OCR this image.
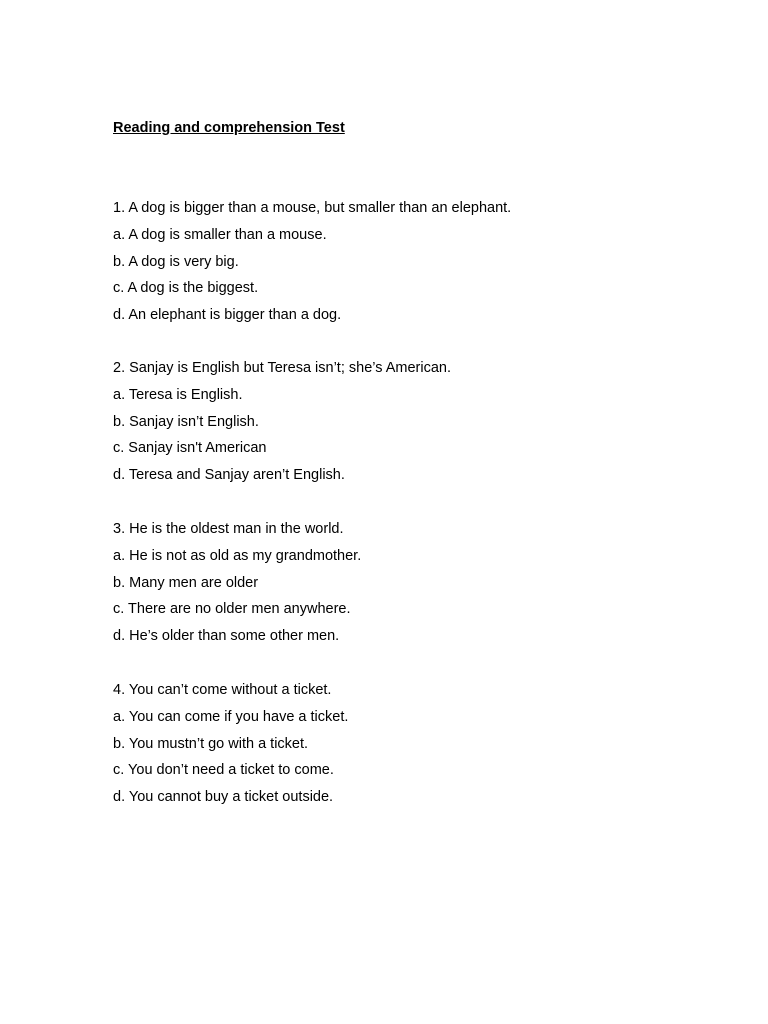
Reading and comprehension Test
1. A dog is bigger than a mouse, but smaller than an elephant.
a. A dog is smaller than a mouse.
b. A dog is very big.
c. A dog is the biggest.
d. An elephant is bigger than a dog.
2. Sanjay is English but Teresa isn’t; she’s American.
a. Teresa is English.
b. Sanjay isn’t English.
c. Sanjay isn't American
d. Teresa and Sanjay aren’t English.
3. He is the oldest man in the world.
a. He is not as old as my grandmother.
b. Many men are older
c. There are no older men anywhere.
d. He’s older than some other men.
4. You can’t come without a ticket.
a. You can come if you have a ticket.
b. You mustn’t go with a ticket.
c. You don’t need a ticket to come.
d. You cannot buy a ticket outside.
